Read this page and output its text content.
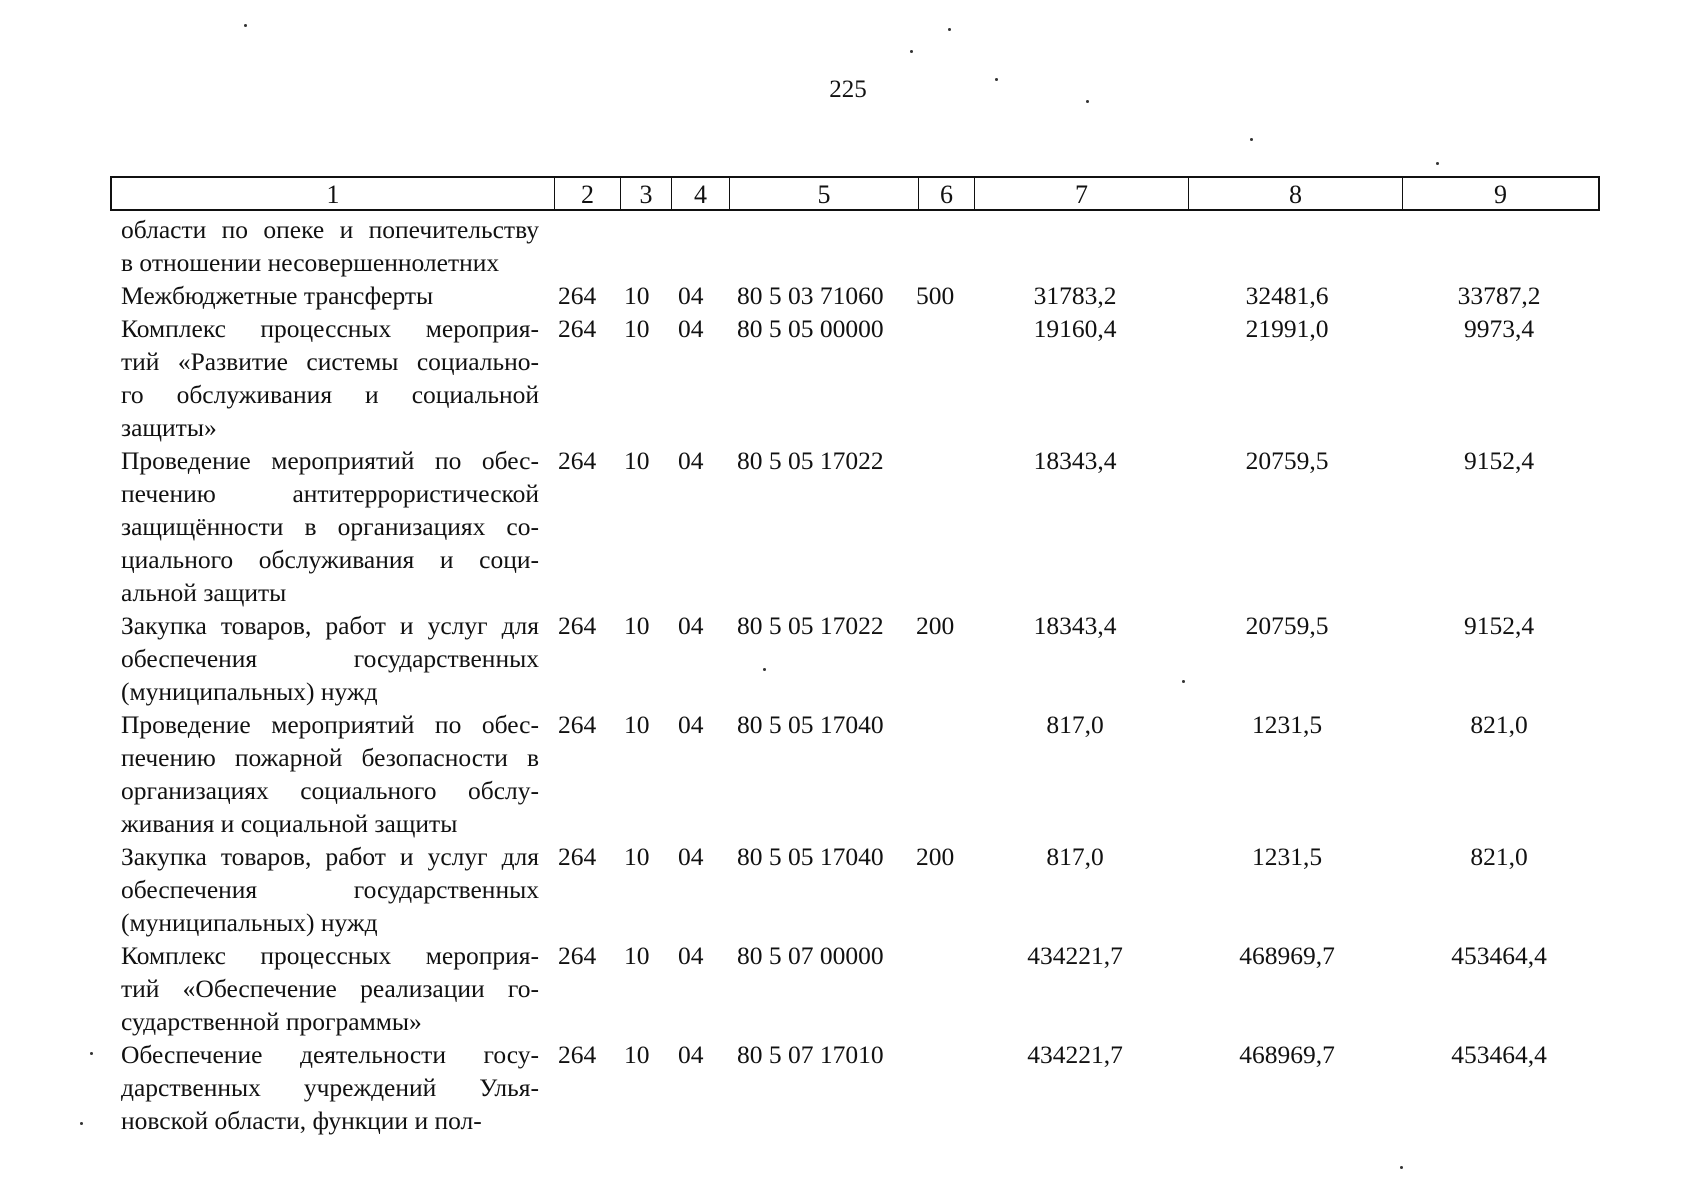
225
1	2	3	4	5	6	7	8	9
области по опеке и попечительству
в отношении несовершеннолетних
Межбюджетные трансферты	264 10 04 80 5 03 71060 500	31783,2	32481,6	33787,2
Комплекс процессных мероприя-
тий «Развитие системы социально-
го обслуживания и социальной
защиты»
264 10 04 80 5 05 00000	19160,4	21991,0	9973,4
Проведение мероприятий по обес-
печению антитеррористической
защищённости в организациях со-
циального обслуживания и соци-
альной защиты
264 10 04 80 5 05 17022	18343,4	20759,5	9152,4
Закупка товаров, работ и услуг для
обеспечения государственных
(муниципальных) нужд
264 10 04 80 5 05 17022 200	18343,4	20759,5	9152,4
Проведение мероприятий по обес-
печению пожарной безопасности в
организациях социального обслу-
живания и социальной защиты
264 10 04 80 5 05 17040	817,0	1231,5	821,0
Закупка товаров, работ и услуг для
обеспечения государственных
(муниципальных) нужд
264 10 04 80 5 05 17040 200	817,0	1231,5	821,0
Комплекс процессных мероприя-
тий «Обеспечение реализации го-
сударственной программы»
264 10 04 80 5 07 00000	434221,7	468969,7	453464,4
Обеспечение деятельности госу-
дарственных учреждений Улья-
новской области, функции и пол-
264 10 04 80 5 07 17010	434221,7	468969,7	453464,4
